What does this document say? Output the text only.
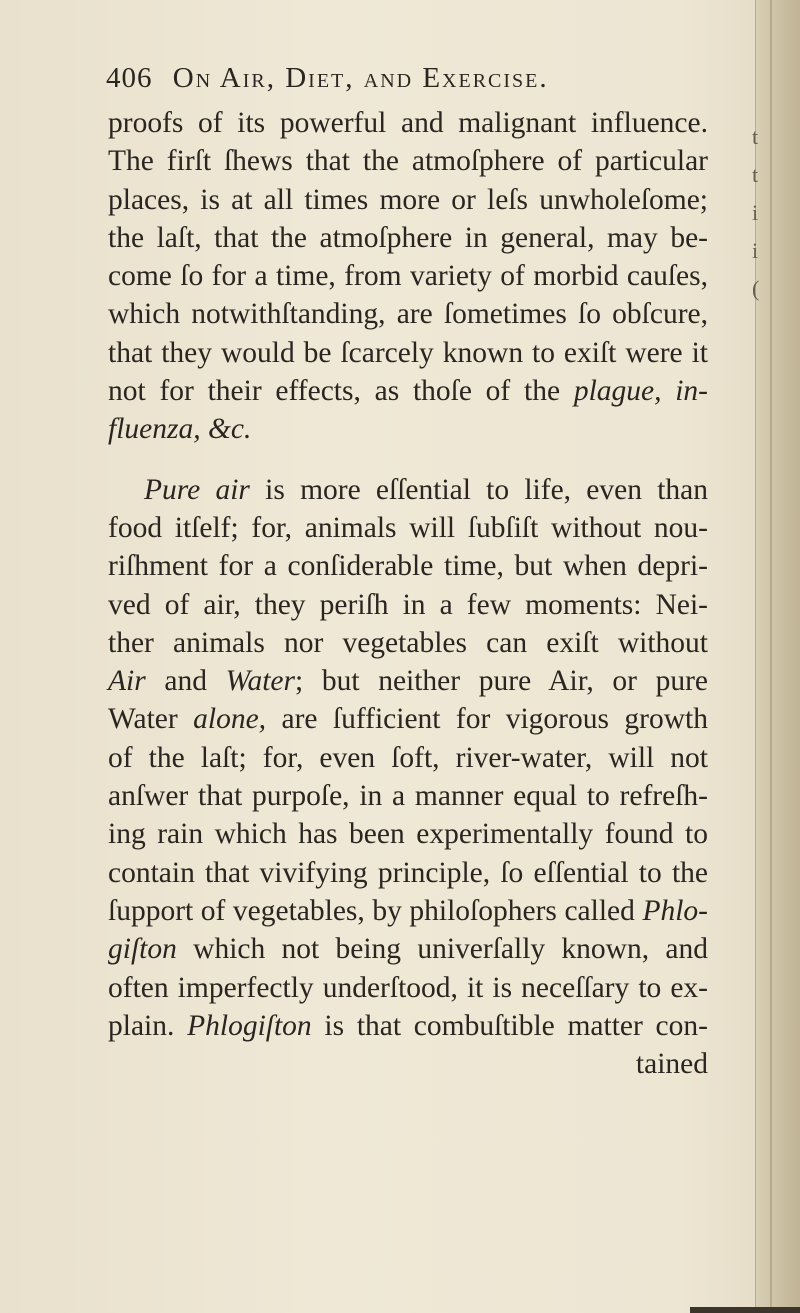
t
t
i
i
(
406 On Air, Diet, and Exercise.
proofs of its powerful and malignant influence.
The firſt ſhews that the atmoſphere of particular
places, is at all times more or leſs unwholeſome;
the laſt, that the atmoſphere in general, may be-
come ſo for a time, from variety of morbid cauſes,
which notwithſtanding, are ſometimes ſo obſcure,
that they would be ſcarcely known to exiſt were it
not for their effects, as thoſe of the plague, in-
fluenza, &c.
Pure air is more eſſential to life, even than
food itſelf; for, animals will ſubſiſt without nou-
riſhment for a conſiderable time, but when depri-
ved of air, they periſh in a few moments: Nei-
ther animals nor vegetables can exiſt without
Air and Water; but neither pure Air, or pure
Water alone, are ſufficient for vigorous growth
of the laſt; for, even ſoft, river-water, will not
anſwer that purpoſe, in a manner equal to refreſh-
ing rain which has been experimentally found to
contain that vivifying principle, ſo eſſential to the
ſupport of vegetables, by philoſophers called Phlo-
giſton which not being univerſally known, and
often imperfectly underſtood, it is neceſſary to ex-
plain. Phlogiſton is that combuſtible matter con-
tained
